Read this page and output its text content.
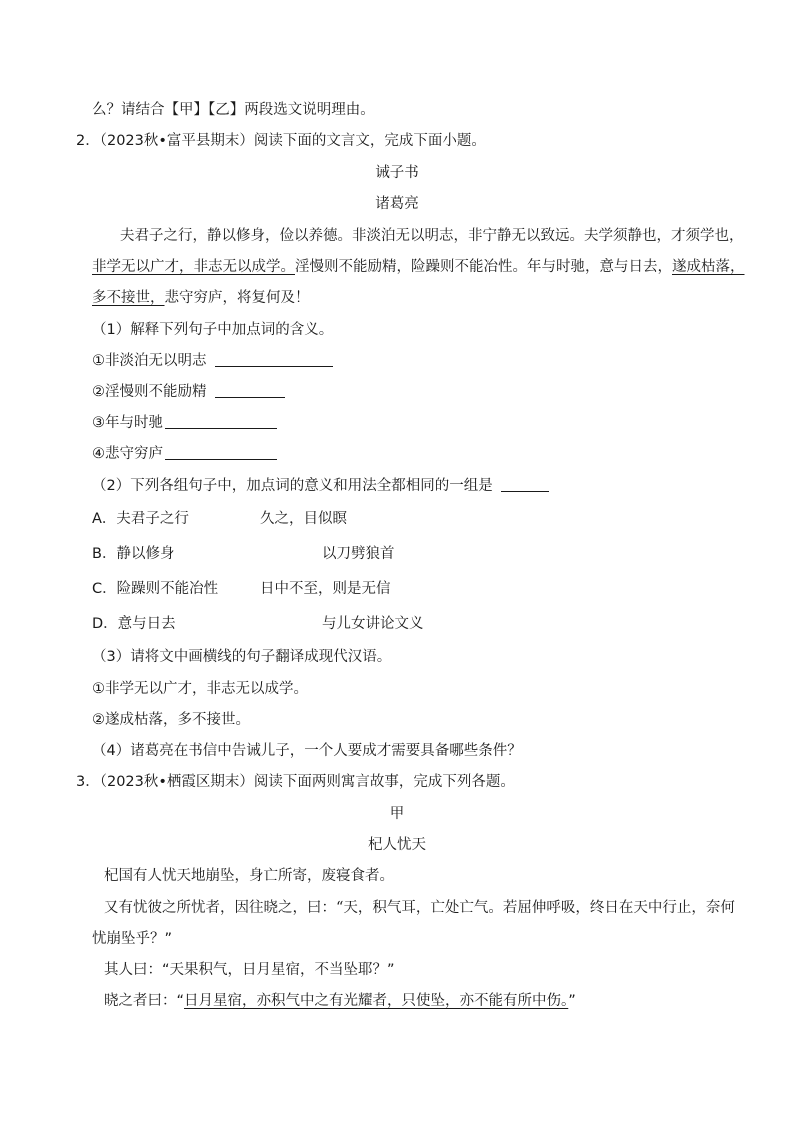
么？请结合【甲】【乙】两段选文说明理由。
2．（2023秋•富平县期末）阅读下面的文言文，完成下面小题。
诫子书
诸葛亮
夫君子之行，静以修身，俭以养德。非淡泊无以明志，非宁静无以致远。夫学须静也，才须学也，
非学无以广才，非志无以成学。淫慢则不能励精，险躁则不能冶性。年与时驰，意与日去，遂成枯落，
多不接世，悲守穷庐，将复何及！
（1）解释下列句子中加点词的含义。
①非淡泊无以明志
②淫慢则不能励精
③年与时驰
④悲守穷庐
（2）下列各组句子中，加点词的意义和用法全都相同的一组是
A．夫君子之行	久之，目似瞑
B．静以修身	以刀劈狼首
C．险躁则不能冶性	日中不至，则是无信
D．意与日去	与儿女讲论文义
（3）请将文中画横线的句子翻译成现代汉语。
①非学无以广才，非志无以成学。
②遂成枯落，多不接世。
（4）诸葛亮在书信中告诫儿子，一个人要成才需要具备哪些条件？
3．（2023秋•栖霞区期末）阅读下面两则寓言故事，完成下列各题。
甲
杞人忧天
杞国有人忧天地崩坠，身亡所寄，废寝食者。
又有忧彼之所忧者，因往晓之，曰：“天，积气耳，亡处亡气。若屈伸呼吸，终日在天中行止，奈何
忧崩坠乎？”
其人曰：“天果积气，日月星宿，不当坠耶？”
晓之者曰：“日月星宿，亦积气中之有光耀者，只使坠，亦不能有所中伤。”
